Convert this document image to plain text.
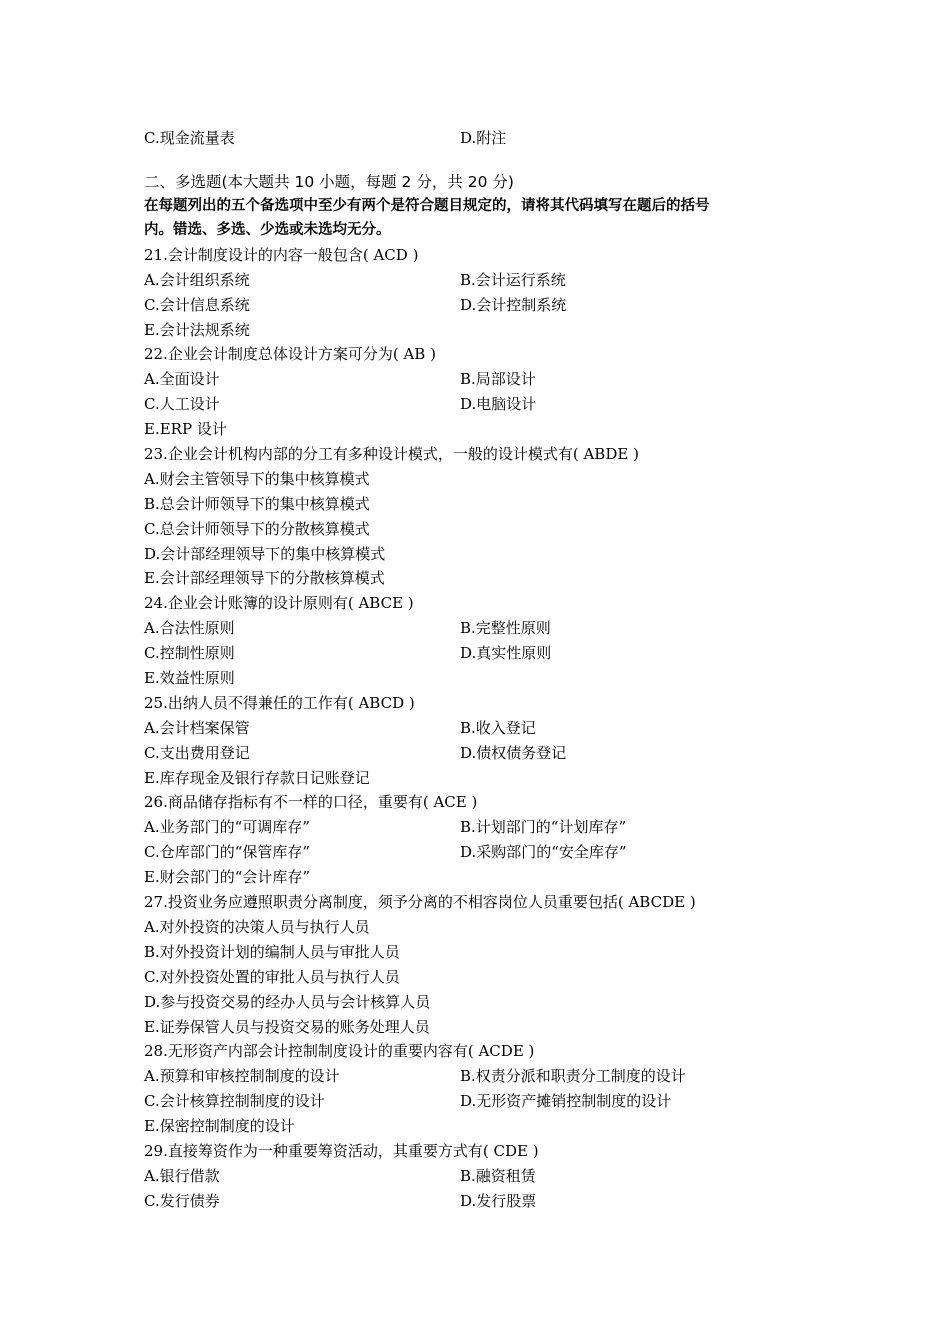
C.现金流量表	D.附注
二、多选题(本大题共 10 小题，每题 2 分，共 20 分)
在每题列出的五个备选项中至少有两个是符合题目规定的，请将其代码填写在题后的括号
内。错选、多选、少选或未选均无分。
21.会计制度设计的内容一般包含( ACD )
A.会计组织系统	B.会计运行系统
C.会计信息系统	D.会计控制系统
E.会计法规系统
22.企业会计制度总体设计方案可分为( AB )
A.全面设计	B.局部设计
C.人工设计	D.电脑设计
E.ERP 设计
23.企业会计机构内部的分工有多种设计模式，一般的设计模式有( ABDE )
A.财会主管领导下的集中核算模式
B.总会计师领导下的集中核算模式
C.总会计师领导下的分散核算模式
D.会计部经理领导下的集中核算模式
E.会计部经理领导下的分散核算模式
24.企业会计账簿的设计原则有( ABCE )
A.合法性原则	B.完整性原则
C.控制性原则	D.真实性原则
E.效益性原则
25.出纳人员不得兼任的工作有( ABCD )
A.会计档案保管	B.收入登记
C.支出费用登记	D.债权债务登记
E.库存现金及银行存款日记账登记
26.商品储存指标有不一样的口径，重要有( ACE )
A.业务部门的“可调库存”	B.计划部门的“计划库存”
C.仓库部门的“保管库存”	D.采购部门的“安全库存”
E.财会部门的“会计库存”
27.投资业务应遵照职责分离制度，须予分离的不相容岗位人员重要包括( ABCDE )
A.对外投资的决策人员与执行人员
B.对外投资计划的编制人员与审批人员
C.对外投资处置的审批人员与执行人员
D.参与投资交易的经办人员与会计核算人员
E.证券保管人员与投资交易的账务处理人员
28.无形资产内部会计控制制度设计的重要内容有( ACDE )
A.预算和审核控制制度的设计	B.权责分派和职责分工制度的设计
C.会计核算控制制度的设计	D.无形资产摊销控制制度的设计
E.保密控制制度的设计
29.直接筹资作为一种重要筹资活动，其重要方式有( CDE )
A.银行借款	B.融资租赁
C.发行债券	D.发行股票
